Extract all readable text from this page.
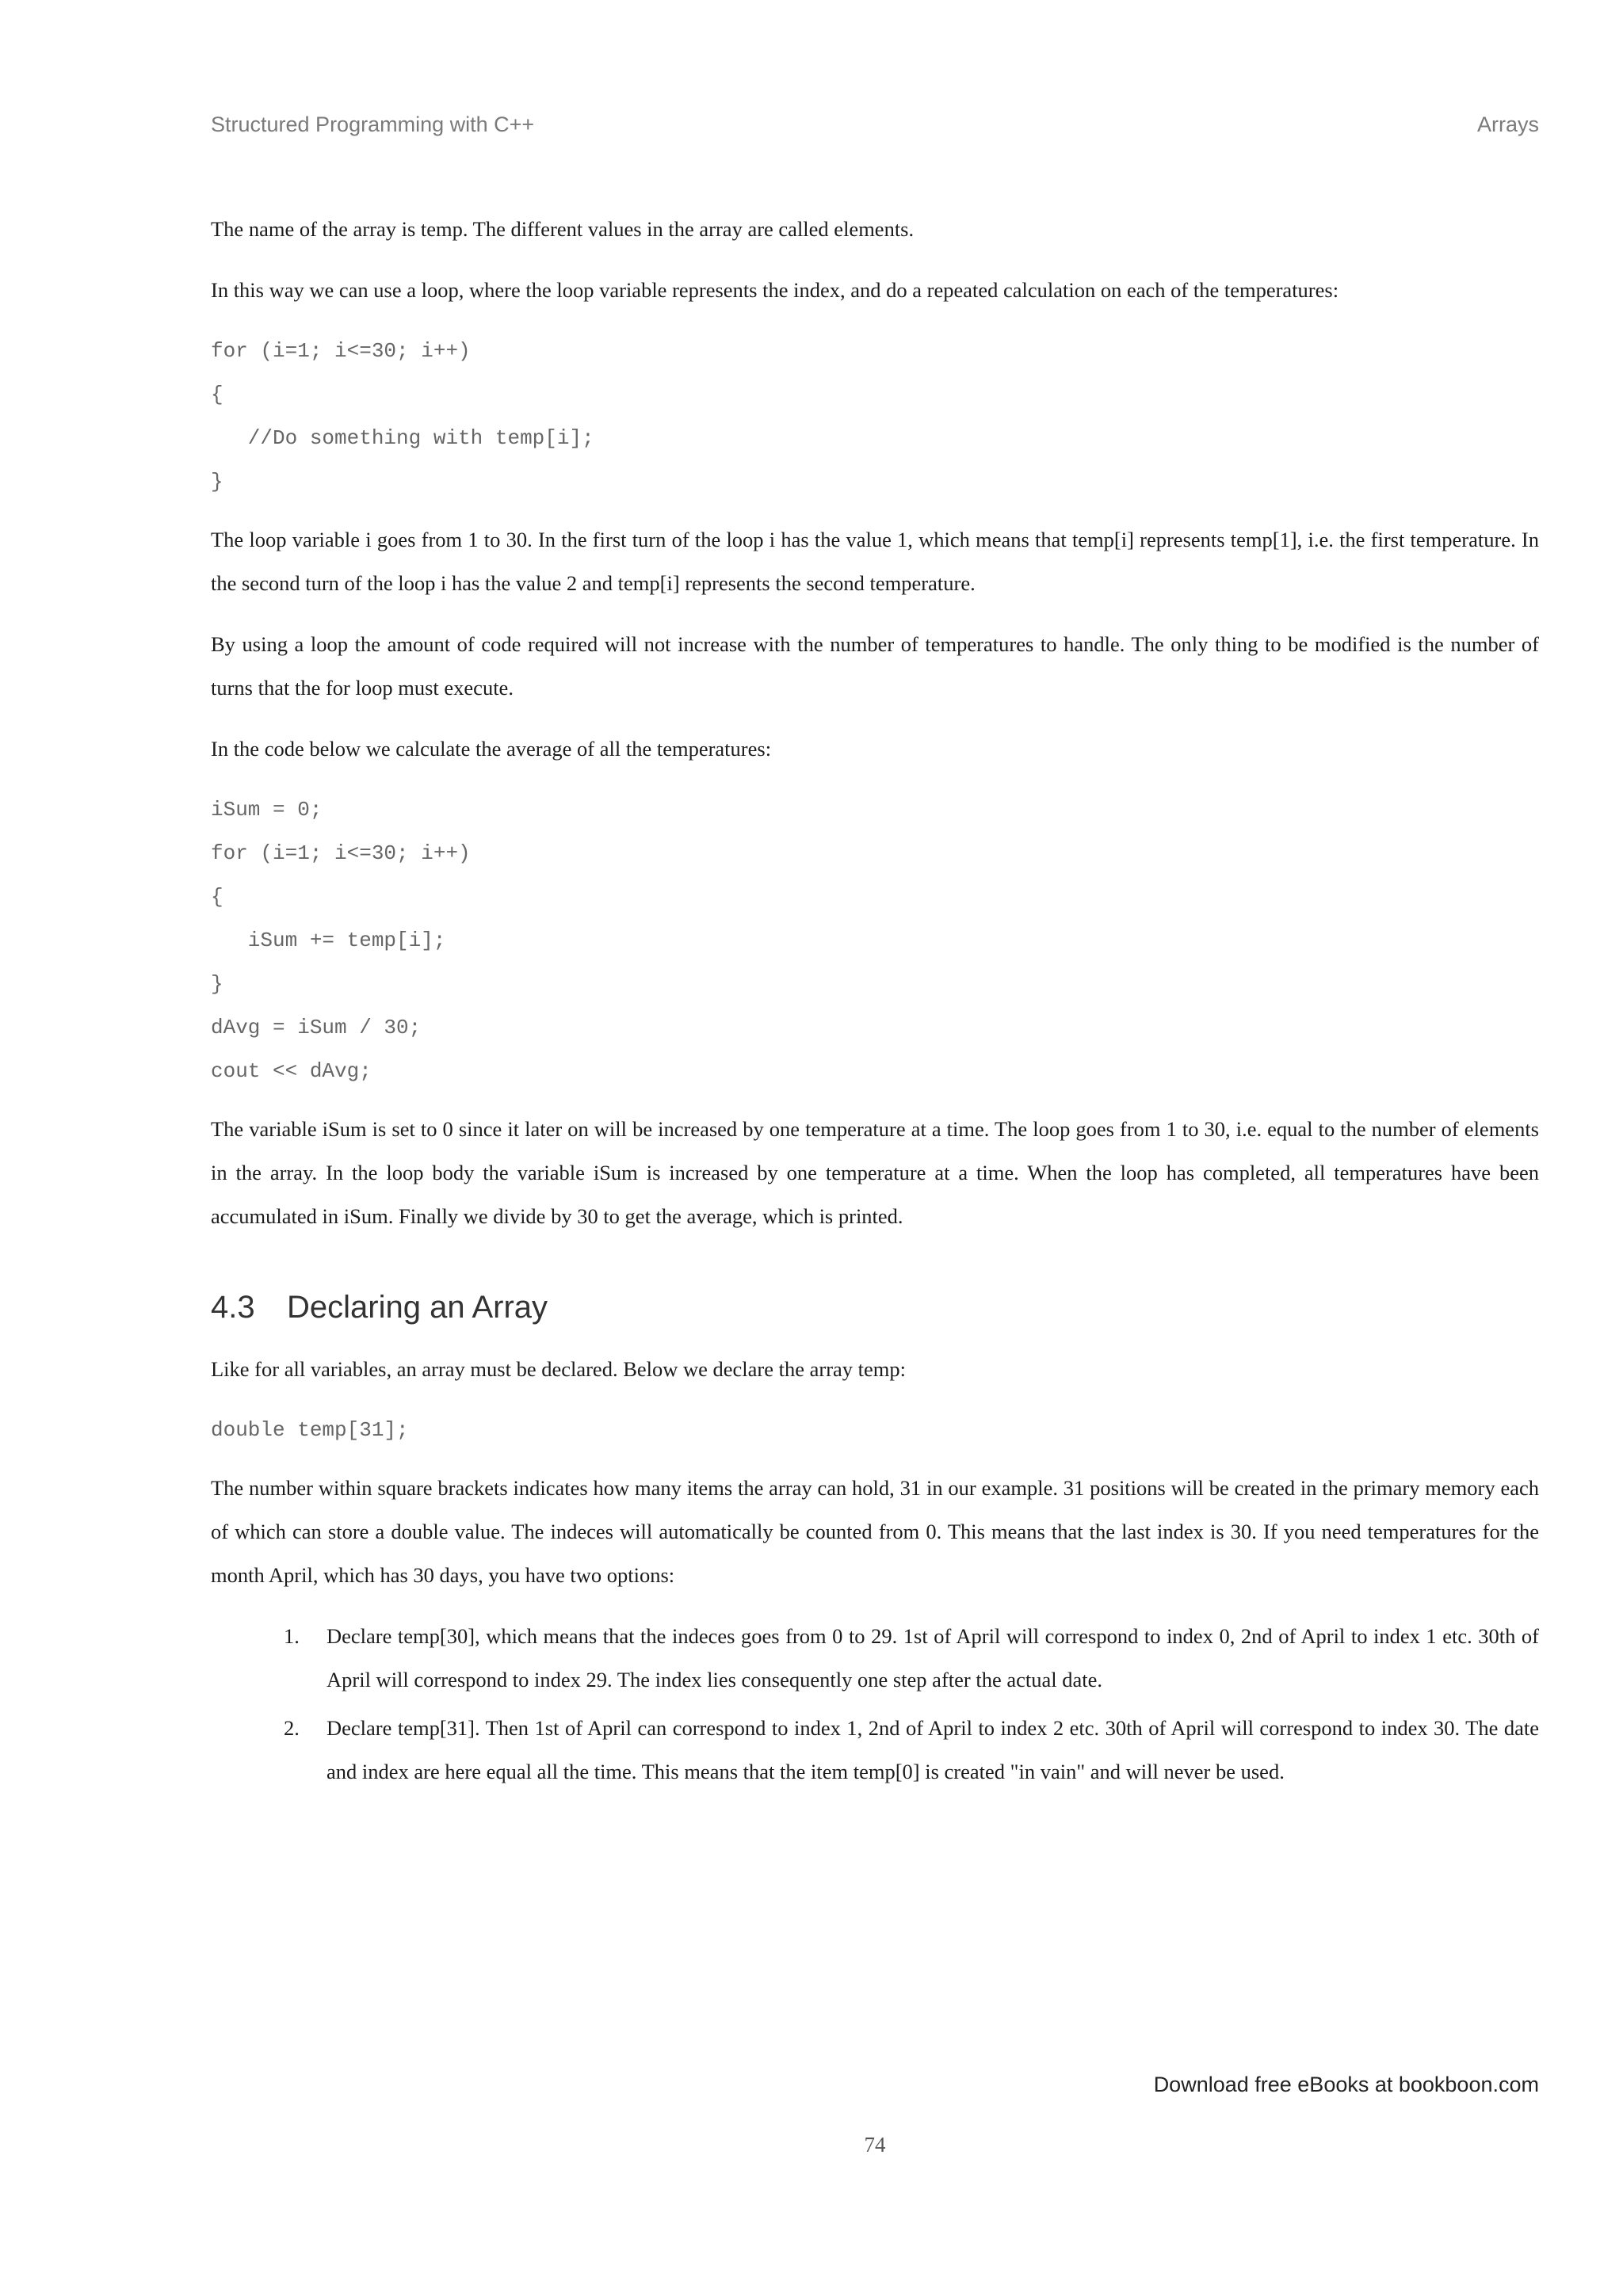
Structured Programming with C++	Arrays

The name of the array is temp. The different values in the array are called elements.

In this way we can use a loop, where the loop variable represents the index, and do a repeated calculation on each of the temperatures:

for (i=1; i<=30; i++)
{
//Do something with temp[i];
}

The loop variable i goes from 1 to 30. In the first turn of the loop i has the value 1, which means that temp[i] represents temp[1], i.e. the first temperature. In the second turn of the loop i has the value 2 and temp[i] represents the second temperature.

By using a loop the amount of code required will not increase with the number of temperatures to handle. The only thing to be modified is the number of turns that the for loop must execute.

In the code below we calculate the average of all the temperatures:

iSum = 0;
for (i=1; i<=30; i++)
{
iSum += temp[i];
}
dAvg = iSum / 30;
cout << dAvg;

The variable iSum is set to 0 since it later on will be increased by one temperature at a time. The loop goes from 1 to 30, i.e. equal to the number of elements in the array. In the loop body the variable iSum is increased by one temperature at a time. When the loop has completed, all temperatures have been accumulated in iSum. Finally we divide by 30 to get the average, which is printed.

4.3 Declaring an Array

Like for all variables, an array must be declared. Below we declare the array temp:

double temp[31];

The number within square brackets indicates how many items the array can hold, 31 in our example. 31 positions will be created in the primary memory each of which can store a double value. The indeces will automatically be counted from 0. This means that the last index is 30. If you need temperatures for the month April, which has 30 days, you have two options:

1. Declare temp[30], which means that the indeces goes from 0 to 29. 1st of April will correspond to index 0, 2nd of April to index 1 etc. 30th of April will correspond to index 29. The index lies consequently one step after the actual date.
2. Declare temp[31]. Then 1st of April can correspond to index 1, 2nd of April to index 2 etc. 30th of April will correspond to index 30. The date and index are here equal all the time. This means that the item temp[0] is created "in vain" and will never be used.
Download free eBooks at bookboon.com
74
